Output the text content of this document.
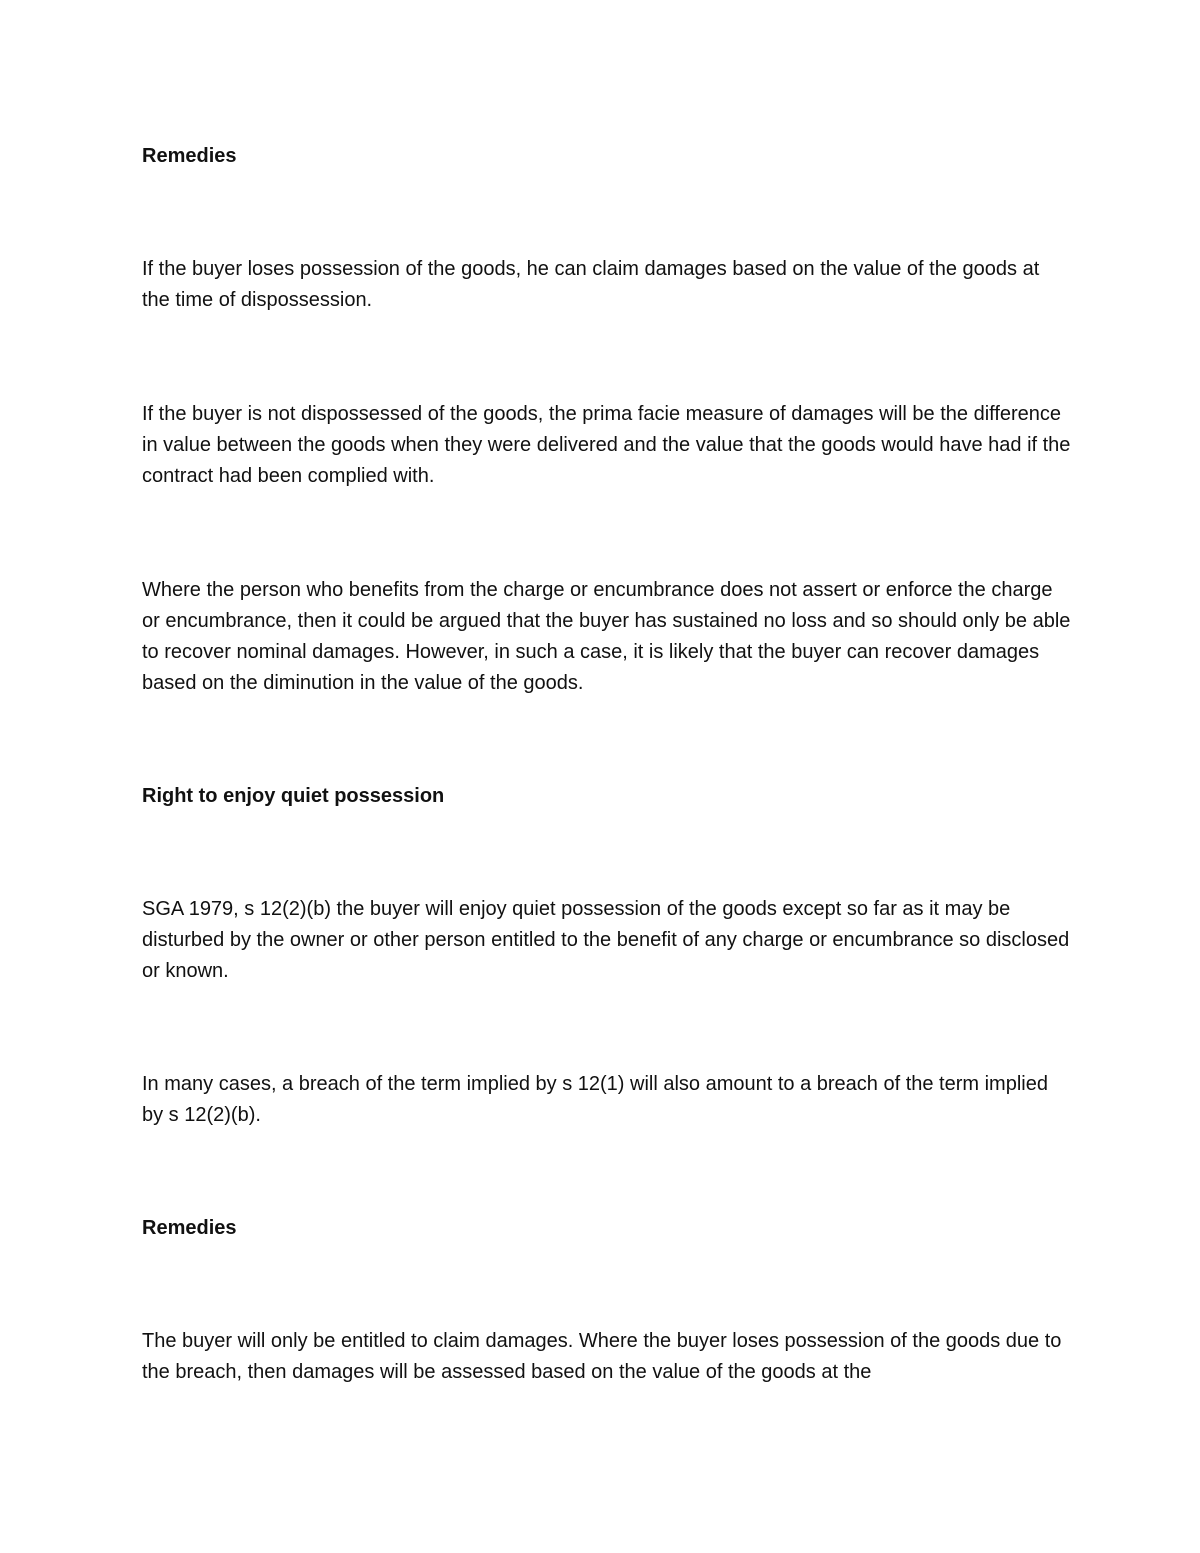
Remedies

If the buyer loses possession of the goods, he can claim damages based on the value of the goods at the time of dispossession.

If the buyer is not dispossessed of the goods, the prima facie measure of damages will be the difference in value between the goods when they were delivered and the value that the goods would have had if the contract had been complied with.

Where the person who benefits from the charge or encumbrance does not assert or enforce the charge or encumbrance, then it could be argued that the buyer has sustained no loss and so should only be able to recover nominal damages. However, in such a case, it is likely that the buyer can recover damages based on the diminution in the value of the goods.

Right to enjoy quiet possession

SGA 1979, s 12(2)(b) the buyer will enjoy quiet possession of the goods except so far as it may be disturbed by the owner or other person entitled to the benefit of any charge or encumbrance so disclosed or known.

In many cases, a breach of the term implied by s 12(1) will also amount to a breach of the term implied by s 12(2)(b).

Remedies

The buyer will only be entitled to claim damages. Where the buyer loses possession of the goods due to the breach, then damages will be assessed based on the value of the goods at the
